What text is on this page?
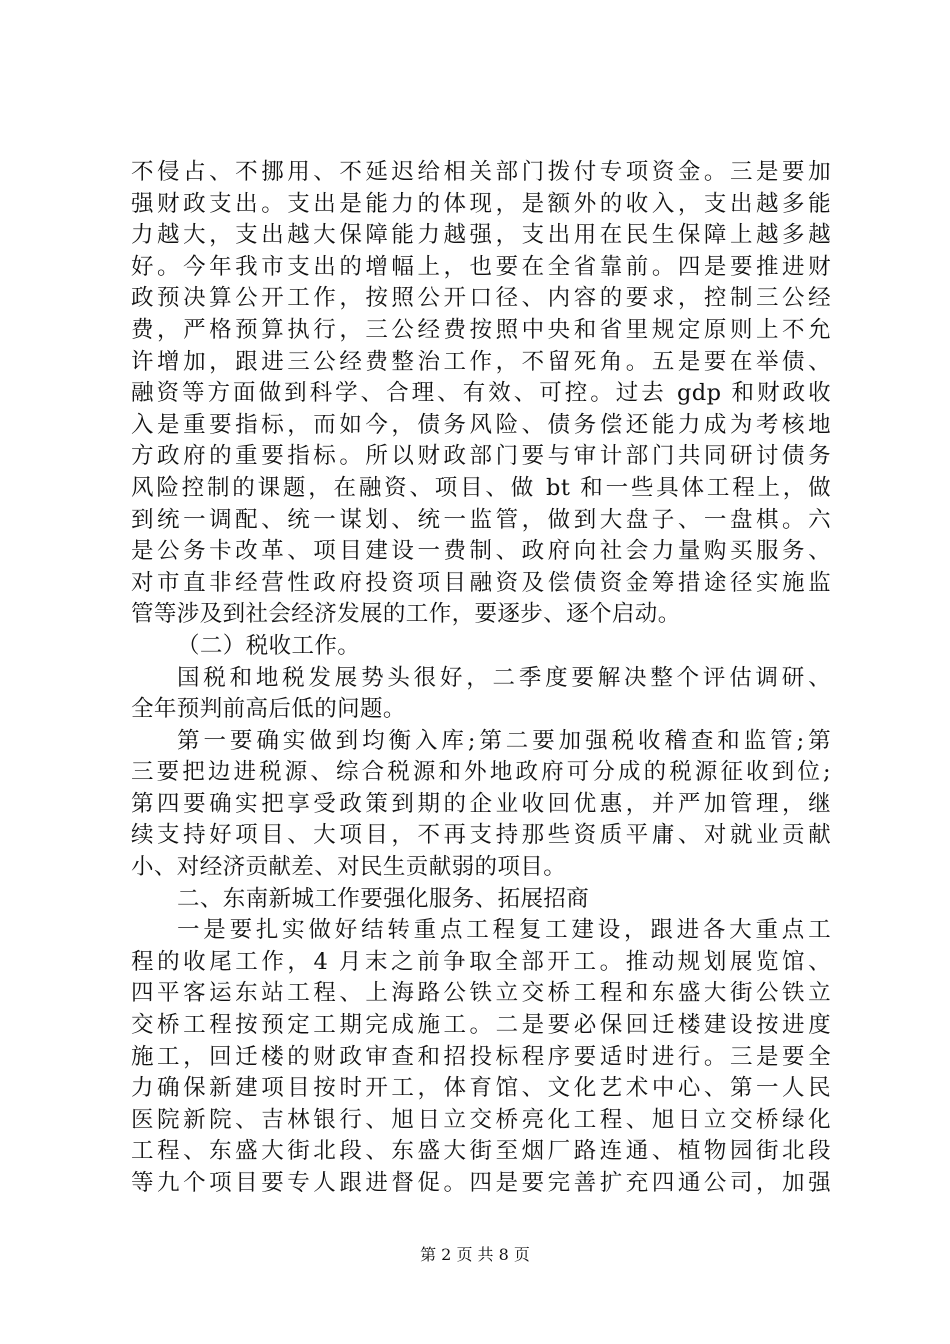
不侵占、不挪用、不延迟给相关部门拨付专项资金。三是要加
强财政支出。支出是能力的体现，是额外的收入，支出越多能
力越大，支出越大保障能力越强，支出用在民生保障上越多越
好。今年我市支出的增幅上，也要在全省靠前。四是要推进财
政预决算公开工作，按照公开口径、内容的要求，控制三公经
费，严格预算执行，三公经费按照中央和省里规定原则上不允
许增加，跟进三公经费整治工作，不留死角。五是要在举债、
融资等方面做到科学、合理、有效、可控。过去 gdp 和财政收
入是重要指标，而如今，债务风险、债务偿还能力成为考核地
方政府的重要指标。所以财政部门要与审计部门共同研讨债务
风险控制的课题，在融资、项目、做 bt 和一些具体工程上，做
到统一调配、统一谋划、统一监管，做到大盘子、一盘棋。六
是公务卡改革、项目建设一费制、政府向社会力量购买服务、
对市直非经营性政府投资项目融资及偿债资金筹措途径实施监
管等涉及到社会经济发展的工作，要逐步、逐个启动。
（二）税收工作。
国税和地税发展势头很好，二季度要解决整个评估调研、
全年预判前高后低的问题。
第一要确实做到均衡入库;第二要加强税收稽查和监管;第
三要把边进税源、综合税源和外地政府可分成的税源征收到位;
第四要确实把享受政策到期的企业收回优惠，并严加管理，继
续支持好项目、大项目，不再支持那些资质平庸、对就业贡献
小、对经济贡献差、对民生贡献弱的项目。
二、东南新城工作要强化服务、拓展招商
一是要扎实做好结转重点工程复工建设，跟进各大重点工
程的收尾工作，4 月末之前争取全部开工。推动规划展览馆、
四平客运东站工程、上海路公铁立交桥工程和东盛大街公铁立
交桥工程按预定工期完成施工。二是要必保回迁楼建设按进度
施工，回迁楼的财政审查和招投标程序要适时进行。三是要全
力确保新建项目按时开工，体育馆、文化艺术中心、第一人民
医院新院、吉林银行、旭日立交桥亮化工程、旭日立交桥绿化
工程、东盛大街北段、东盛大街至烟厂路连通、植物园街北段
等九个项目要专人跟进督促。四是要完善扩充四通公司，加强
第 2 页 共 8 页
